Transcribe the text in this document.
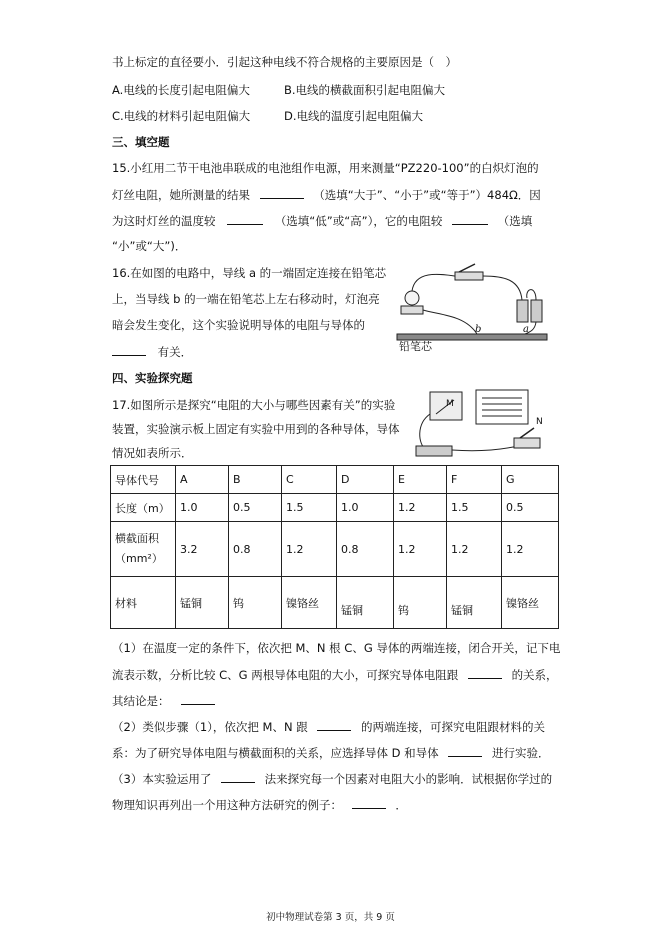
书上标定的直径要小．引起这种电线不符合规格的主要原因是（　）
A.电线的长度引起电阻偏大	B.电线的横截面积引起电阻偏大
C.电线的材料引起电阻偏大	D.电线的温度引起电阻偏大
三、填空题
15.小红用二节干电池串联成的电池组作电源，用来测量“PZ220-100”的白炽灯泡的
灯丝电阻，她所测量的结果	（选填“大于”、“小于”或“等于”）484Ω．因
为这时灯丝的温度较	（选填“低”或“高”），它的电阻较	（选填
“小”或“大”)．
16.在如图的电路中，导线 a 的一端固定连接在铅笔芯
上，当导线 b 的一端在铅笔芯上左右移动时，灯泡亮
暗会发生变化，这个实验说明导体的电阻与导体的
有关．	铅笔芯
b	a
四、实验探究题
17.如图所示是探究“电阻的大小与哪些因素有关”的实验
装置，实验演示板上固定有实验中用到的各种导体，导体
情况如表所示．
M
N
导体代号	A	B	C	D	E	F	G
长度（m）	1.0	0.5	1.5	1.0	1.2	1.5	0.5
横截面积（mm²）	3.2	0.8	1.2	0.8	1.2	1.2	1.2
材料	锰铜	钨	镍铬丝	锰铜	钨	锰铜	镍铬丝
（1）在温度一定的条件下，依次把 M、N 根 C、G 导体的两端连接，闭合开关，记下电
流表示数，分析比较 C、G 两根导体电阻的大小，可探究导体电阻跟	的关系，
其结论是：
（2）类似步骤（1），依次把 M、N 跟	的两端连接，可探究电阻跟材料的关
系：为了研究导体电阻与横截面积的关系，应选择导体 D 和导体	进行实验．
（3）本实验运用了	法来探究每一个因素对电阻大小的影响．试根据你学过的
物理知识再列出一个用这种方法研究的例子：	．
初中物理试卷第 3 页，共 9 页
